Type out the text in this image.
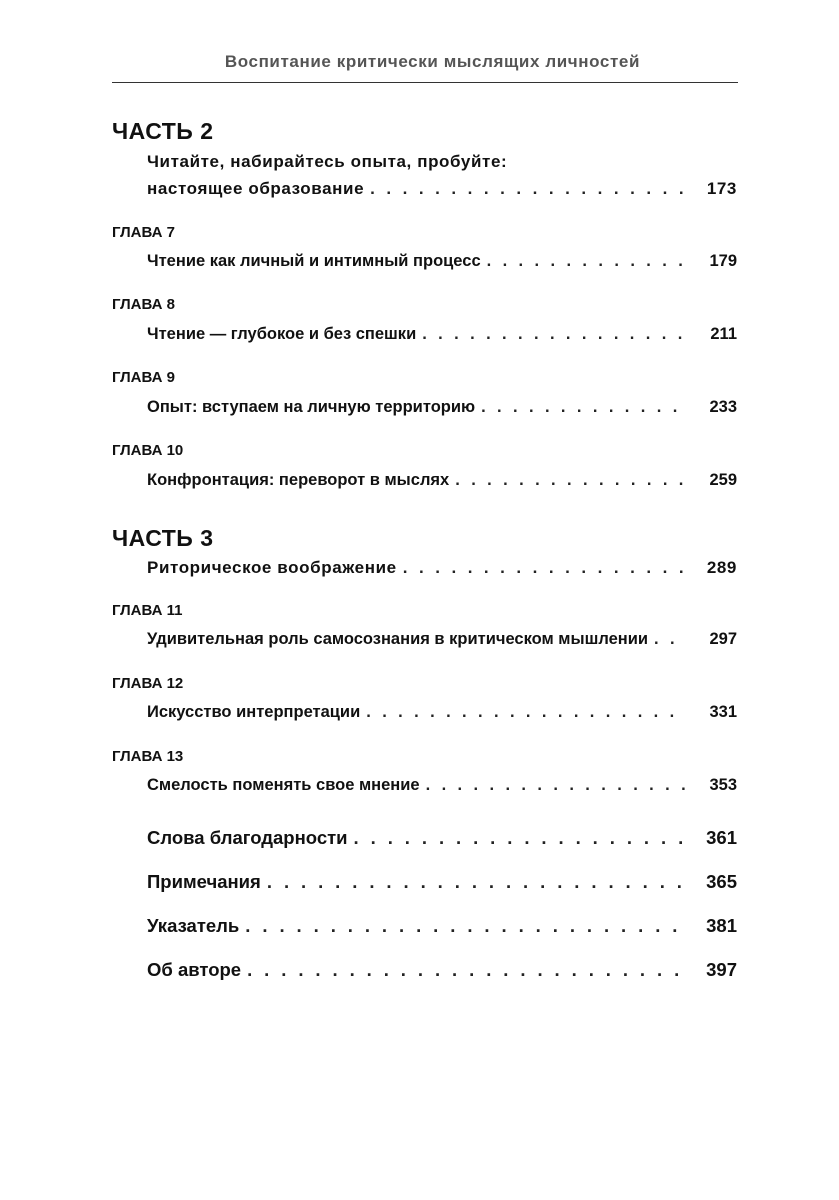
Воспитание критически мыслящих личностей
ЧАСТЬ 2
Читайте, набирайтесь опыта, пробуйте:
настоящее образование . . .	173
ГЛАВА 7
Чтение как личный и интимный процесс . . .	179
ГЛАВА 8
Чтение — глубокое и без спешки . . .	211
ГЛАВА 9
Опыт: вступаем на личную территорию . . .	233
ГЛАВА 10
Конфронтация: переворот в мыслях . . .	259
ЧАСТЬ 3
Риторическое воображение . . .	289
ГЛАВА 11
Удивительная роль самосознания в критическом мышлении . . .	297
ГЛАВА 12
Искусство интерпретации . . .	331
ГЛАВА 13
Смелость поменять свое мнение . . .	353
Слова благодарности . . .	361
Примечания . . .	365
Указатель . . .	381
Об авторе . . .	397
